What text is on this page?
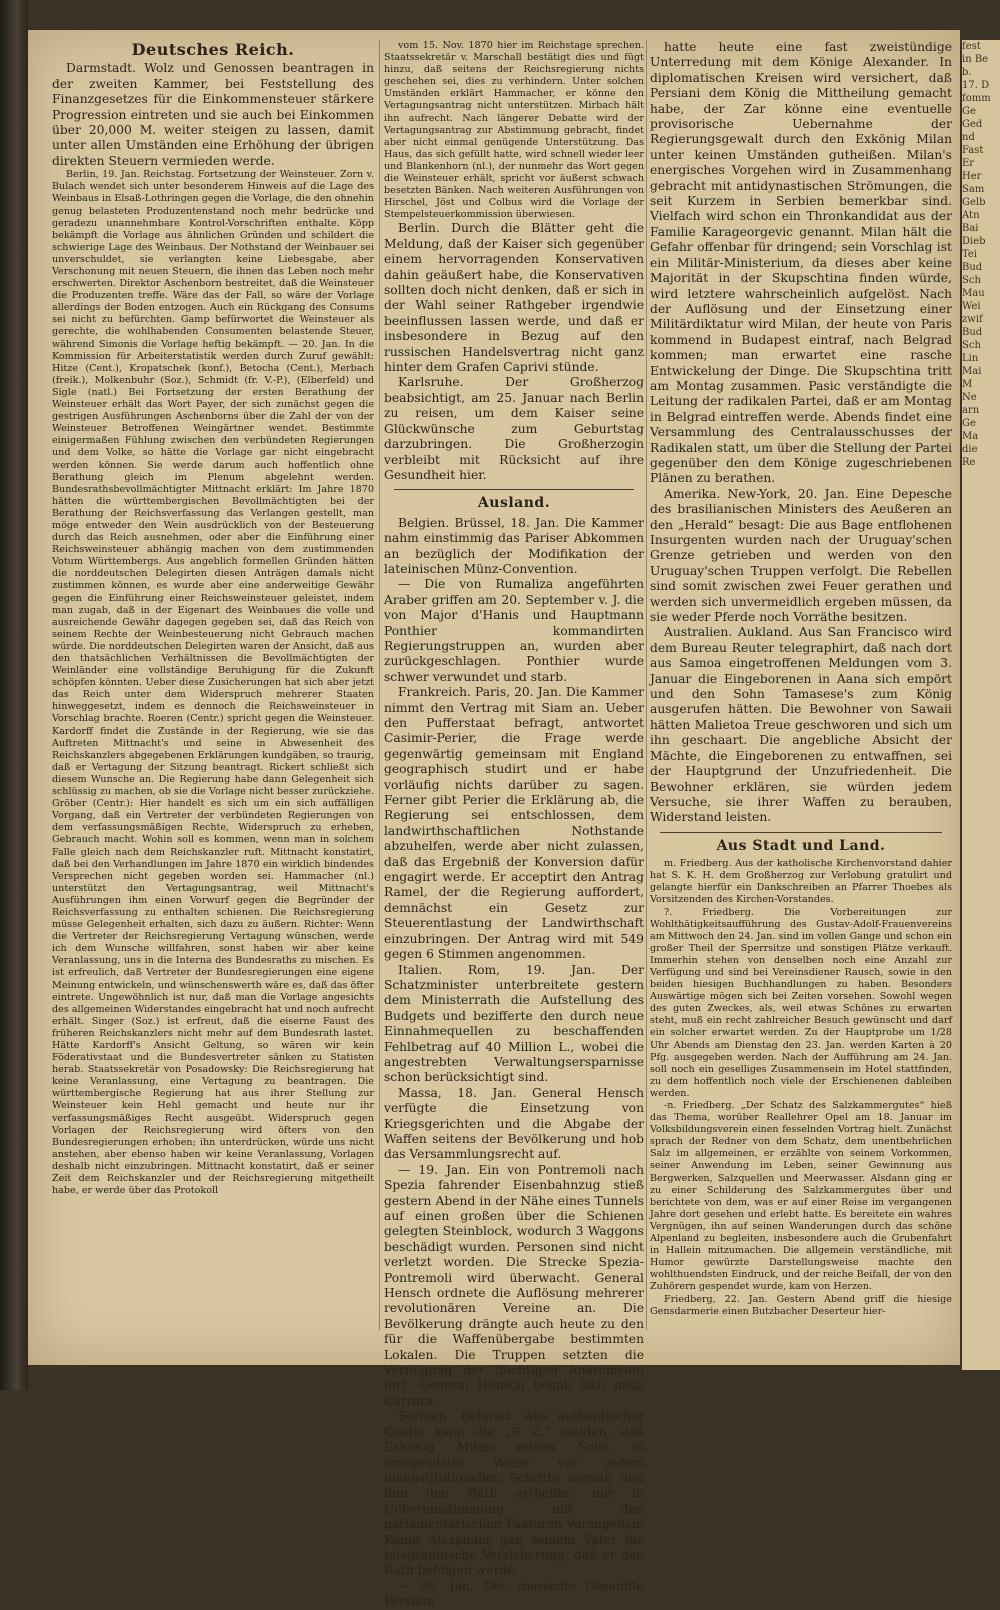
Deutsches Reich.

Darmstadt. Wolz und Genossen beantragen in der zweiten Kammer, bei Feststellung des Finanzgesetzes für die Einkommensteuer stärkere Progression eintreten und sie auch bei Einkommen über 20,000 M. weiter steigen zu lassen, damit unter allen Umständen eine Erhöhung der übrigen direkten Steuern vermieden werde.

Berlin, 19. Jan. Reichstag. Fortsetzung der Weinsteuer. Zorn v. Bulach wendet sich unter besonderem Hinweis auf die Lage des Weinbaus in Elsaß-Lothringen gegen die Vorlage, die den ohnehin genug belasteten Produzentenstand noch mehr bedrücke und geradezu unannehmbare Kontrol-Vorschriften enthalte. Köpp bekämpft die Vorlage aus ähnlichen Gründen und schildert die schwierige Lage des Weinbaus. Der Nothstand der Weinbauer sei unverschuldet, sie verlangten keine Liebesgabe, aber Verschonung mit neuen Steuern, die ihnen das Leben noch mehr erschwerten. Direktor Aschenborn bestreitet, daß die Weinsteuer die Produzenten treffe. Wäre das der Fall, so wäre der Vorlage allerdings der Boden entzogen. Auch ein Rückgang des Consums sei nicht zu befürchten. Gamp befürwortet die Weinsteuer als gerechte, die wohlhabenden Consumenten belastende Steuer, während Simonis die Vorlage heftig bekämpft. — 20. Jan. In die Kommission für Arbeiterstatistik werden durch Zuruf gewählt: Hitze (Cent.), Kropatschek (konf.), Betocha (Cent.), Merbach (freik.), Molkenbuhr (Soz.), Schmidt (fr. V.-P.), (Elberfeld) und Sigle (natl.) Bei Fortsetzung der ersten Berathung der Weinsteuer erhält das Wort Payer, der sich zunächst gegen die gestrigen Ausführungen Aschenborns über die Zahl der von der Weinsteuer Betroffenen Weingärtner wendet. Bestimmte einigermaßen Fühlung zwischen den verbündeten Regierungen und dem Volke, so hätte die Vorlage gar nicht eingebracht werden können. Sie werde darum auch hoffentlich ohne Berathung gleich im Plenum abgelehnt werden. Bundesrathsbevollmächtigter Mittnacht erklärt: Im Jahre 1870 hätten die württembergischen Bevollmächtigten bei der Berathung der Reichsverfassung das Verlangen gestellt, man möge entweder den Wein ausdrücklich von der Besteuerung durch das Reich ausnehmen, oder aber die Einführung einer Reichsweinsteuer abhängig machen von dem zustimmenden Votum Württembergs. Aus angeblich formellen Gründen hätten die norddeutschen Delegirten diesen Anträgen damals nicht zustimmen können, es wurde aber eine anderweitige Gewähr gegen die Einführung einer Reichsweinsteuer geleistet, indem man zugab, daß in der Eigenart des Weinbaues die volle und ausreichende Gewähr dagegen gegeben sei, daß das Reich von seinem Rechte der Weinbesteuerung nicht Gebrauch machen würde. Die norddeutschen Delegirten waren der Ansicht, daß aus den thatsächlichen Verhältnissen die Bevollmächtigten der Weinländer eine vollständige Beruhigung für die Zukunft schöpfen könnten. Ueber diese Zusicherungen hat sich aber jetzt das Reich unter dem Widerspruch mehrerer Staaten hinweggesetzt, indem es dennoch die Reichsweinsteuer in Vorschlag brachte. Roeren (Centr.) spricht gegen die Weinsteuer. Kardorff findet die Zustände in der Regierung, wie sie das Auftreten Mittnacht's und seine in Abwesenheit des Reichskanzlers abgegebenen Erklärungen kundgäben, so traurig, daß er Vertagung der Sitzung beantragt. Rickert schließt sich diesem Wunsche an. Die Regierung habe dann Gelegenheit sich schlüssig zu machen, ob sie die Vorlage nicht besser zurückziehe. Gröber (Centr.): Hier handelt es sich um ein sich auffälligen Vorgang, daß ein Vertreter der verbündeten Regierungen von dem verfassungsmäßigen Rechte, Widerspruch zu erheben, Gebrauch macht. Wohin soll es kommen, wenn man in solchem Falle gleich nach dem Reichskanzler ruft. Mittnacht konstatirt, daß bei den Verhandlungen im Jahre 1870 ein wirklich bindendes Versprechen nicht gegeben worden sei. Hammacher (nl.) unterstützt den Vertagungsantrag, weil Mittnacht's Ausführungen ihm einen Vorwurf gegen die Begründer der Reichsverfassung zu enthalten schienen. Die Reichsregierung müsse Gelegenheit erhalten, sich dazu zu äußern. Richter: Wenn die Vertreter der Reichsregierung Vertagung wünschen, werde ich dem Wunsche willfahren, sonst haben wir aber keine Veranlassung, uns in die Interna des Bundesraths zu mischen. Es ist erfreulich, daß Vertreter der Bundesregierungen eine eigene Meinung entwickeln, und wünschenswerth wäre es, daß das öfter eintrete. Ungewöhnlich ist nur, daß man die Vorlage angesichts des allgemeinen Widerstandes eingebracht hat und noch aufrecht erhält. Singer (Soz.) ist erfreut, daß die eiserne Faust des früheren Reichskanzlers nicht mehr auf dem Bundesrath lastet. Hätte Kardorff's Ansicht Geltung, so wären wir kein Föderativstaat und die Bundesvertreter sänken zu Statisten herab. Staatssekretär von Posadowsky: Die Reichsregierung hat keine Veranlassung, eine Vertagung zu beantragen. Die württembergische Regierung hat aus ihrer Stellung zur Weinsteuer kein Hehl gemacht und heute nur ihr verfassungsmäßiges Recht ausgeübt. Widerspruch gegen Vorlagen der Reichsregierung wird öfters von den Bundesregierungen erhoben; ihn unterdrücken, würde uns nicht anstehen, aber ebenso haben wir keine Veranlassung, Vorlagen deshalb nicht einzubringen. Mittnacht konstatirt, daß er seiner Zeit dem Reichskanzler und der Reichsregierung mitgetheilt habe, er werde über das Protokoll

vom 15. Nov. 1870 hier im Reichstage sprechen. Staatssekretär v. Marschall bestätigt dies und fügt hinzu, daß seitens der Reichsregierung nichts geschehen sei, dies zu verhindern. Unter solchen Umständen erklärt Hammacher, er könne den Vertagungsantrag nicht unterstützen. Mirbach hält ihn aufrecht. Nach längerer Debatte wird der Vertagungsantrag zur Abstimmung gebracht, findet aber nicht einmal genügende Unterstützung. Das Haus, das sich gefüllt hatte, wird schnell wieder leer und Blankenhorn (nl.), der nunmehr das Wort gegen die Weinsteuer erhält, spricht vor äußerst schwach besetzten Bänken. Nach weiteren Ausführungen von Hirschel, Jöst und Colbus wird die Vorlage der Stempelsteuerkommission überwiesen.

Berlin. Durch die Blätter geht die Meldung, daß der Kaiser sich gegenüber einem hervorragenden Konservativen dahin geäußert habe, die Konservativen sollten doch nicht denken, daß er sich in der Wahl seiner Rathgeber irgendwie beeinflussen lassen werde, und daß er insbesondere in Bezug auf den russischen Handelsvertrag nicht ganz hinter dem Grafen Caprivi stünde.

Karlsruhe. Der Großherzog beabsichtigt, am 25. Januar nach Berlin zu reisen, um dem Kaiser seine Glückwünsche zum Geburtstag darzubringen. Die Großherzogin verbleibt mit Rücksicht auf ihre Gesundheit hier.

Ausland.

Belgien. Brüssel, 18. Jan. Die Kammer nahm einstimmig das Pariser Abkommen an bezüglich der Modifikation der lateinischen Münz-Convention.

— Die von Rumaliza angeführten Araber griffen am 20. September v. J. die von Major d'Hanis und Hauptmann Ponthier kommandirten Regierungstruppen an, wurden aber zurückgeschlagen. Ponthier wurde schwer verwundet und starb.

Frankreich. Paris, 20. Jan. Die Kammer nimmt den Vertrag mit Siam an. Ueber den Pufferstaat befragt, antwortet Casimir-Perier, die Frage werde gegenwärtig gemeinsam mit England geographisch studirt und er habe vorläufig nichts darüber zu sagen. Ferner gibt Perier die Erklärung ab, die Regierung sei entschlossen, dem landwirthschaftlichen Nothstande abzuhelfen, werde aber nicht zulassen, daß das Ergebniß der Konversion dafür engagirt werde. Er acceptirt den Antrag Ramel, der die Regierung auffordert, demnächst ein Gesetz zur Steuerentlastung der Landwirthschaft einzubringen. Der Antrag wird mit 549 gegen 6 Stimmen angenommen.

Italien. Rom, 19. Jan. Der Schatzminister unterbreitete gestern dem Ministerrath die Aufstellung des Budgets und bezifferte den durch neue Einnahmequellen zu beschaffenden Fehlbetrag auf 40 Million L., wobei die angestrebten Verwaltungsersparnisse schon berücksichtigt sind.

Massa, 18. Jan. General Hensch verfügte die Einsetzung von Kriegsgerichten und die Abgabe der Waffen seitens der Bevölkerung und hob das Versammlungsrecht auf.

— 19. Jan. Ein von Pontremoli nach Spezia fahrender Eisenbahnzug stieß gestern Abend in der Nähe eines Tunnels auf einen großen über die Schienen gelegten Steinblock, wodurch 3 Waggons beschädigt wurden. Personen sind nicht verletzt worden. Die Strecke Spezia-Pontremoli wird überwacht. General Hensch ordnete die Auflösung mehrerer revolutionären Vereine an. Die Bevölkerung drängte auch heute zu den für die Waffenübergabe bestimmten Lokalen. Die Truppen setzten die Verfolgung der flüchtigen Anarchisten fort. General Hensch begab sich nach Carrara.

Serbien. Belgrad. Aus authentischer Quelle kann die „F. Z.“ melden, daß Exkönig Milan seinen Sohn in dringendster Weise vor jedem inkonstitutionellen Schritte warnte und ihm den Rath ertheilte, nur in Uebereinstimmung mit den parlamentarischen Faktoren vorzugehen. König Alexander gab seinem Vater die telegraphische Versicherung, daß er den Rath befolgen werde.

— 20. Jan. Der russische Gesandte Persiani

hatte heute eine fast zweistündige Unterredung mit dem Könige Alexander. In diplomatischen Kreisen wird versichert, daß Persiani dem König die Mittheilung gemacht habe, der Zar könne eine eventuelle provisorische Uebernahme der Regierungsgewalt durch den Exkönig Milan unter keinen Umständen gutheißen. Milan's energisches Vorgehen wird in Zusammenhang gebracht mit antidynastischen Strömungen, die seit Kurzem in Serbien bemerkbar sind. Vielfach wird schon ein Thronkandidat aus der Familie Karageorgevic genannt. Milan hält die Gefahr offenbar für dringend; sein Vorschlag ist ein Militär-Ministerium, da dieses aber keine Majorität in der Skupschtina finden würde, wird letztere wahrscheinlich aufgelöst. Nach der Auflösung und der Einsetzung einer Militärdiktatur wird Milan, der heute von Paris kommend in Budapest eintraf, nach Belgrad kommen; man erwartet eine rasche Entwickelung der Dinge. Die Skupschtina tritt am Montag zusammen. Pasic verständigte die Leitung der radikalen Partei, daß er am Montag in Belgrad eintreffen werde. Abends findet eine Versammlung des Centralausschusses der Radikalen statt, um über die Stellung der Partei gegenüber den dem Könige zugeschriebenen Plänen zu berathen.

Amerika. New-York, 20. Jan. Eine Depesche des brasilianischen Ministers des Aeußeren an den „Herald“ besagt: Die aus Bage entflohenen Insurgenten wurden nach der Uruguay'schen Grenze getrieben und werden von den Uruguay'schen Truppen verfolgt. Die Rebellen sind somit zwischen zwei Feuer gerathen und werden sich unvermeidlich ergeben müssen, da sie weder Pferde noch Vorräthe besitzen.

Australien. Aukland. Aus San Francisco wird dem Bureau Reuter telegraphirt, daß nach dort aus Samoa eingetroffenen Meldungen vom 3. Januar die Eingeborenen in Aana sich empört und den Sohn Tamasese's zum König ausgerufen hätten. Die Bewohner von Sawaii hätten Malietoa Treue geschworen und sich um ihn geschaart. Die angebliche Absicht der Mächte, die Eingeborenen zu entwaffnen, sei der Hauptgrund der Unzufriedenheit. Die Bewohner erklären, sie würden jedem Versuche, sie ihrer Waffen zu berauben, Widerstand leisten.

Aus Stadt und Land.

m. Friedberg. Aus der katholische Kirchenvorstand dahier hat S. K. H. dem Großherzog zur Verlobung gratulirt und gelangte hierfür ein Dankschreiben an Pfarrer Thoebes als Vorsitzenden des Kirchen-Vorstandes.

?. Friedberg. Die Vorbereitungen zur Wohlthätigkeitsaufführung des Gustav-Adolf-Frauenvereins am Mittwoch den 24. Jan. sind im vollen Gange und schon ein großer Theil der Sperrsitze und sonstigen Plätze verkauft. Immerhin stehen von denselben noch eine Anzahl zur Verfügung und sind bei Vereinsdiener Rausch, sowie in den beiden hiesigen Buchhandlungen zu haben. Besonders Auswärtige mögen sich bei Zeiten vorsehen. Sowohl wegen des guten Zweckes, als, weil etwas Schönes zu erwarten steht, muß ein recht zahlreicher Besuch gewünscht und darf ein solcher erwartet werden. Zu der Hauptprobe um 1/28 Uhr Abends am Dienstag den 23. Jan. werden Karten à 20 Pfg. ausgegeben werden. Nach der Aufführung am 24. Jan. soll noch ein geselliges Zusammensein im Hotel stattfinden, zu dem hoffentlich noch viele der Erschienenen dableiben werden.

-n. Friedberg. „Der Schatz des Salzkammergutes“ hieß das Thema, worüber Reallehrer Opel am 18. Januar im Volksbildungsverein einen fesselnden Vortrag hielt. Zunächst sprach der Redner von dem Schatz, dem unentbehrlichen Salz im allgemeinen, er erzählte von seinem Vorkommen, seiner Anwendung im Leben, seiner Gewinnung aus Bergwerken, Salzquellen und Meerwasser. Alsdann ging er zu einer Schilderung des Salzkammergutes über und berichtete von dem, was er auf einer Reise im vergangenen Jahre dort gesehen und erlebt hatte. Es bereitete ein wahres Vergnügen, ihn auf seinen Wanderungen durch das schöne Alpenland zu begleiten, insbesondere auch die Grubenfahrt in Hallein mitzumachen. Die allgemein verständliche, mit Humor gewürzte Darstellungsweise machte den wohlthuendsten Eindruck, und der reiche Beifall, der von den Zuhörern gespendet wurde, kam von Herzen.

Friedberg, 22. Jan. Gestern Abend griff die hiesige Gensdarmerie einen Butzbacher Deserteur hier-

fest
in Be
b.
17. D
fomm
Ge
Ged
nd
Fast
Er
Her
Sam
Gelb
Atn
Bai
Dieb
Tei
Bud
Sch
Mau
Wei
zwif
Bud
Sch
Lin
Mai
M
Ne
arn
Ge
Ma
die
Re
